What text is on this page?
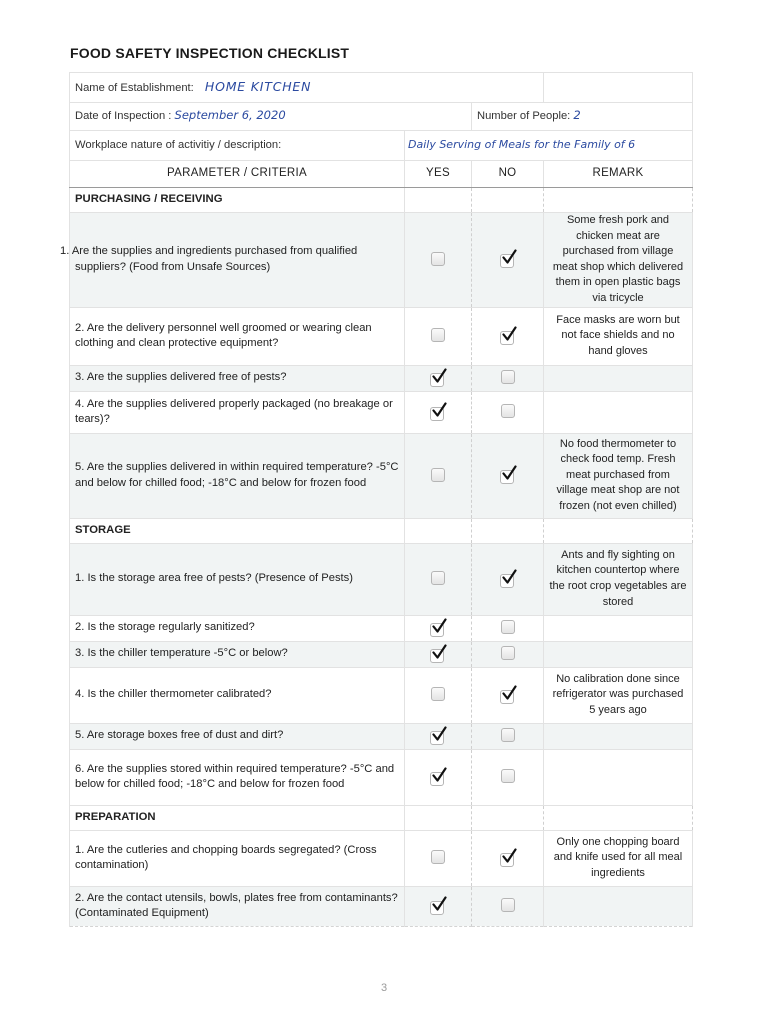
FOOD SAFETY INSPECTION CHECKLIST
Name of Establishment: HOME KITCHEN			
Date of Inspection : September 6, 2020		Number of People: 2	
Workplace nature of activitiy / description:	Daily Serving of Meals for the Family of 6		
PARAMETER / CRITERIA	YES	NO	REMARK
PURCHASING / RECEIVING			
1. Are the supplies and ingredients purchased from qualified suppliers? (Food from Unsafe Sources)			Some fresh pork and chicken meat are purchased from village meat shop which delivered them in open plastic bags via tricycle
2. Are the delivery personnel well groomed or wearing clean clothing and clean protective equipment?			Face masks are worn but not face shields and no hand gloves
3. Are the supplies delivered free of pests?	

4. Are the supplies delivered properly packaged (no breakage or tears)?	

5. Are the supplies delivered in within required temperature? -5°C and below for chilled food; -18°C and below for frozen food			No food thermometer to check food temp. Fresh meat purchased from village meat shop are not frozen (not even chilled)
STORAGE			
1. Is the storage area free of pests? (Presence of Pests)			Ants and fly sighting on kitchen countertop where the root crop vegetables are stored
2. Is the storage regularly sanitized?	

3. Is the chiller temperature -5°C or below?	

4. Is the chiller thermometer calibrated?			No calibration done since refrigerator was purchased 5 years ago
5. Are storage boxes free of dust and dirt?	

6. Are the supplies stored within required temperature? -5°C and below for chilled food; -18°C and below for frozen food	

PREPARATION			
1. Are the cutleries and chopping boards segregated? (Cross contamination)			Only one chopping board and knife used for all meal ingredients
2. Are the contact utensils, bowls, plates free from contaminants? (Contaminated Equipment)	

3
